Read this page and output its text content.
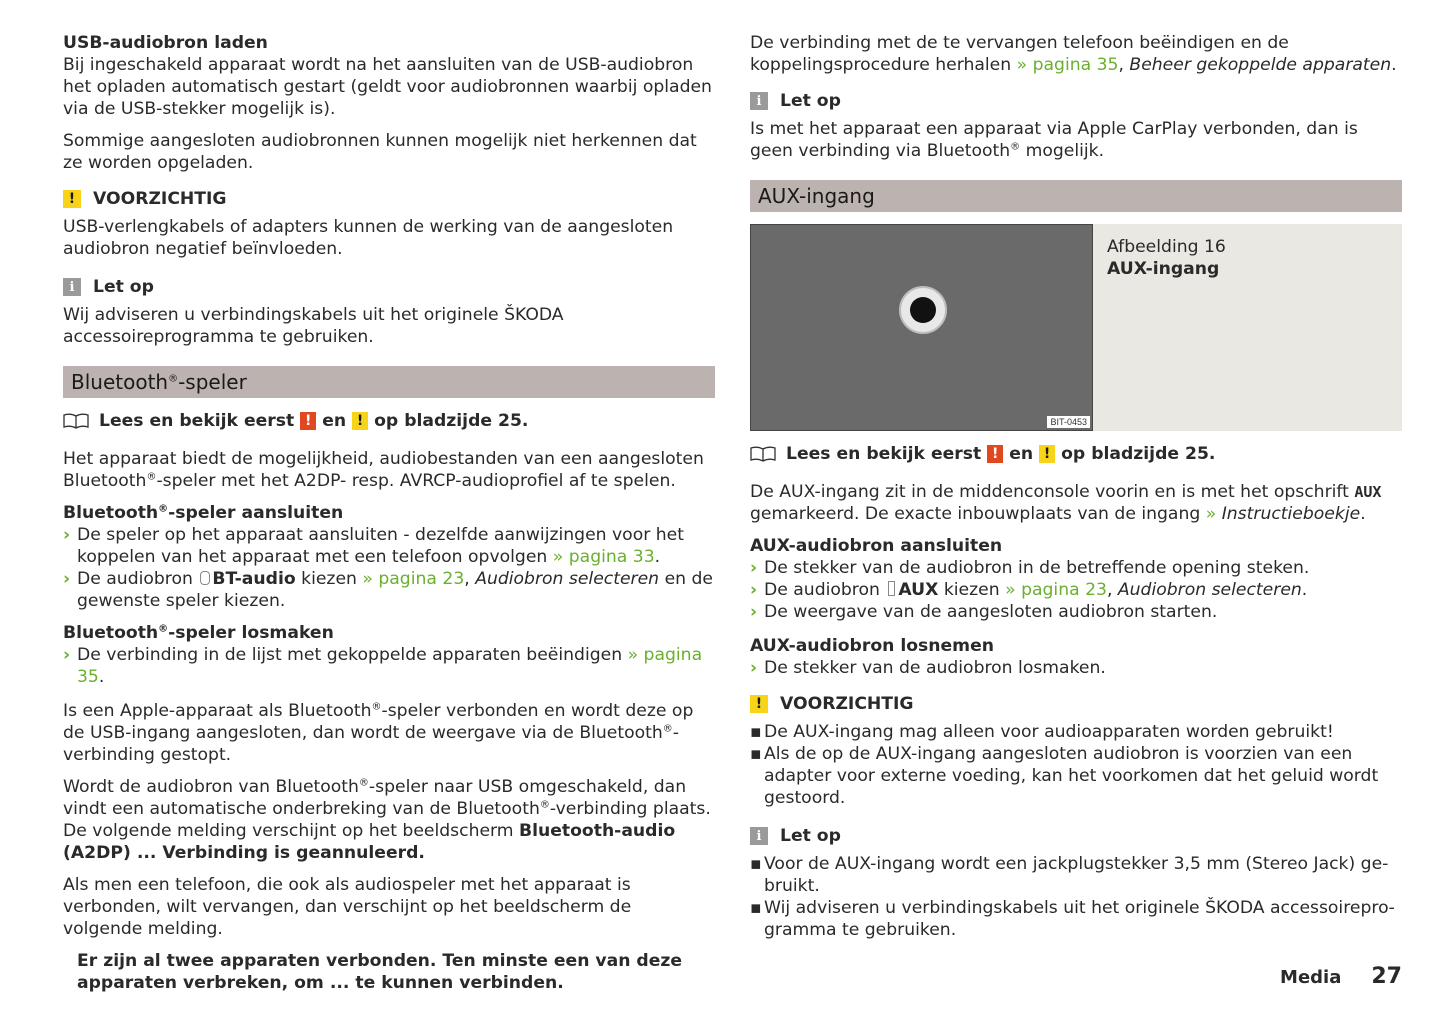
USB-audiobron laden

Bij ingeschakeld apparaat wordt na het aansluiten van de USB-audiobron het opladen automatisch gestart (geldt voor audiobronnen waarbij opladen via de USB-stekker mogelijk is).

Sommige aangesloten audiobronnen kunnen mogelijk niet herkennen dat ze worden opgeladen.

!	VOORZICHTIG

USB-verlengkabels of adapters kunnen de werking van de aangesloten audiobron negatief beïnvloeden.

i	Let op

Wij adviseren u verbindingskabels uit het originele ŠKODA accessoireprogramma te gebruiken.

Bluetooth®-speler
Lees en bekijk eerst ! en ! op bladzijde 25.

Het apparaat biedt de mogelijkheid, audiobestanden van een aangesloten Bluetooth®-speler met het A2DP- resp. AVRCP-audioprofiel af te spelen.

Bluetooth®-speler aansluiten

› De speler op het apparaat aansluiten - dezelfde aanwijzingen voor het koppelen van het apparaat met een telefoon opvolgen » pagina 33.
› De audiobron BT-audio kiezen » pagina 23, Audiobron selecteren en de gewenste speler kiezen.

Bluetooth®-speler losmaken

› De verbinding in de lijst met gekoppelde apparaten beëindigen » pagina 35.

Is een Apple-apparaat als Bluetooth®-speler verbonden en wordt deze op de USB-ingang aangesloten, dan wordt de weergave via de Bluetooth®-verbinding gestopt.

Wordt de audiobron van Bluetooth®-speler naar USB omgeschakeld, dan vindt een automatische onderbreking van de Bluetooth®-verbinding plaats. De volgende melding verschijnt op het beeldscherm Bluetooth-audio (A2DP) ... Verbinding is geannuleerd.

Als men een telefoon, die ook als audiospeler met het apparaat is verbonden, wilt vervangen, dan verschijnt op het beeldscherm de volgende melding.

Er zijn al twee apparaten verbonden. Ten minste een van deze apparaten verbreken, om ... te kunnen verbinden.

De verbinding met de te vervangen telefoon beëindigen en de koppelingsprocedure herhalen » pagina 35, Beheer gekoppelde apparaten.

i	Let op

Is met het apparaat een apparaat via Apple CarPlay verbonden, dan is geen verbinding via Bluetooth® mogelijk.

AUX-ingang
BIT-0453
Afbeelding 16
AUX-ingang
Lees en bekijk eerst ! en ! op bladzijde 25.

De AUX-ingang zit in de middenconsole voorin en is met het opschrift AUX gemarkeerd. De exacte inbouwplaats van de ingang » Instructieboekje.

AUX-audiobron aansluiten

› De stekker van de audiobron in de betreffende opening steken.
› De audiobron AUX kiezen » pagina 23, Audiobron selecteren.
› De weergave van de aangesloten audiobron starten.

AUX-audiobron losnemen

› De stekker van de audiobron losmaken.
!	VOORZICHTIG
▪ De AUX-ingang mag alleen voor audioapparaten worden gebruikt!
▪ Als de op de AUX-ingang aangesloten audiobron is voorzien van een adapter voor externe voeding, kan het voorkomen dat het geluid wordt gestoord.
i	Let op
▪ Voor de AUX-ingang wordt een jackplugstekker 3,5 mm (Stereo Jack) gebruikt.
▪ Wij adviseren u verbindingskabels uit het originele ŠKODA accessoireprogramma te gebruiken.
Media 27
